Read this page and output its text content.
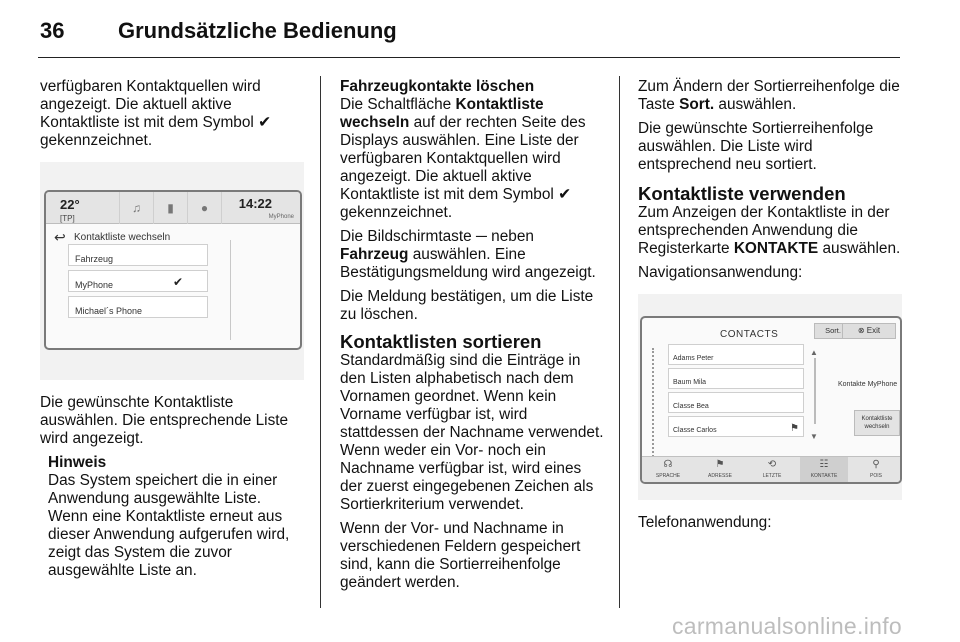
36	Grundsätzliche Bedienung

verfügbaren Kontaktquellen wird angezeigt. Die aktuell aktive Kontaktliste ist mit dem Symbol ✔ gekennzeichnet.

♫	▮	●
22°
[TP]
14:22
MyPhone
↩ Kontaktliste wechseln
Fahrzeug
MyPhone	✔
Michael´s Phone

Die gewünschte Kontaktliste auswählen. Die entsprechende Liste wird angezeigt.

Hinweis
Das System speichert die in einer Anwendung ausgewählte Liste. Wenn eine Kontaktliste erneut aus dieser Anwendung aufgerufen wird, zeigt das System die zuvor ausgewählte Liste an.
Fahrzeugkontakte löschen

Die Schaltfläche Kontaktliste wechseln auf der rechten Seite des Displays auswählen. Eine Liste der verfügbaren Kontaktquellen wird angezeigt. Die aktuell aktive Kontaktliste ist mit dem Symbol ✔ gekennzeichnet.

Die Bildschirmtaste ─ neben Fahrzeug auswählen. Eine Bestätigungsmeldung wird angezeigt.

Die Meldung bestätigen, um die Liste zu löschen.

Kontaktlisten sortieren

Standardmäßig sind die Einträge in den Listen alphabetisch nach dem Vornamen geordnet. Wenn kein Vorname verfügbar ist, wird stattdessen der Nachname verwendet. Wenn weder ein Vor- noch ein Nachname verfügbar ist, wird eines der zuerst eingegebenen Zeichen als Sortierkriterium verwendet.

Wenn der Vor- und Nachname in verschiedenen Feldern gespeichert sind, kann die Sortierreihenfolge geändert werden.

Zum Ändern der Sortierreihenfolge die Taste Sort. auswählen.

Die gewünschte Sortierreihenfolge auswählen. Die Liste wird entsprechend neu sortiert.

Kontaktliste verwenden

Zum Anzeigen der Kontaktliste in der entsprechenden Anwendung die Registerkarte KONTAKTE auswählen.

Navigationsanwendung:

CONTACTS	Sort.	⊗ Exit
Adams Peter
Baum Mila
Classe Bea
Classe Carlos	⚑
▲
▼
Kontakte MyPhone
Kontaktliste wechseln
☊
SPRACHE
⚑
ADRESSE
⟲
LETZTE
☷
KONTAKTE
⚲
POIS

Telefonanwendung:

carmanualsonline.info
